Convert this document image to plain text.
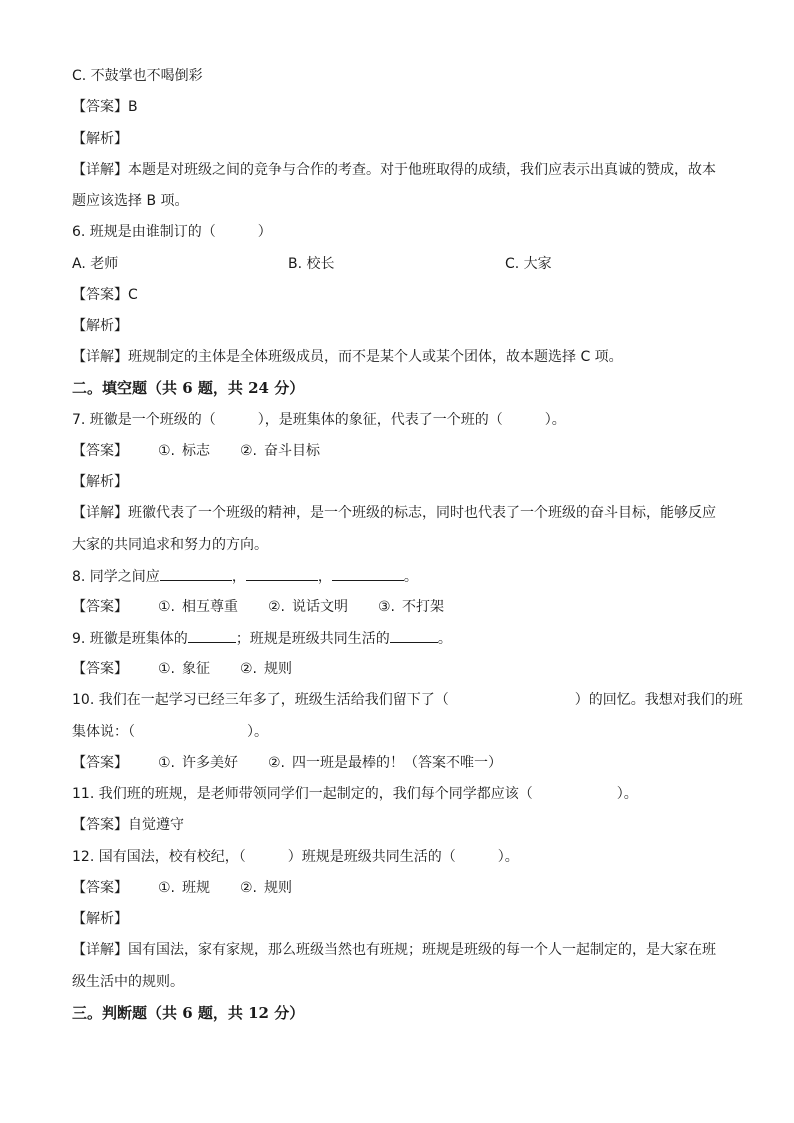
C. 不鼓掌也不喝倒彩
【答案】B
【解析】
【详解】本题是对班级之间的竞争与合作的考查。对于他班取得的成绩，我们应表示出真诚的赞成，故本
题应该选择 B 项。
6. 班规是由谁制订的（　　　）
A. 老师	B. 校长	C. 大家
【答案】C
【解析】
【详解】班规制定的主体是全体班级成员，而不是某个人或某个团体，故本题选择 C 项。
二。填空题（共 6 题，共 24 分）
7. 班徽是一个班级的（　　　），是班集体的象征，代表了一个班的（　　　）。
【答案】 ①. 标志 ②. 奋斗目标
【解析】
【详解】班徽代表了一个班级的精神，是一个班级的标志，同时也代表了一个班级的奋斗目标，能够反应
大家的共同追求和努力的方向。
8. 同学之间应	，	，	。
【答案】 ①. 相互尊重 ②. 说话文明 ③. 不打架
9. 班徽是班集体的	；班规是班级共同生活的	。
【答案】 ①. 象征 ②. 规则
10. 我们在一起学习已经三年多了，班级生活给我们留下了（　　　　　　　　　）的回忆。我想对我们的班
集体说：（　　　　　　　　）。
【答案】 ①. 许多美好 ②. 四一班是最棒的！（答案不唯一）
11. 我们班的班规，是老师带领同学们一起制定的，我们每个同学都应该（　　　　　　）。
【答案】自觉遵守
12. 国有国法，校有校纪，（　　　）班规是班级共同生活的（　　　）。
【答案】 ①. 班规 ②. 规则
【解析】
【详解】国有国法，家有家规，那么班级当然也有班规；班规是班级的每一个人一起制定的，是大家在班
级生活中的规则。
三。判断题（共 6 题，共 12 分）
